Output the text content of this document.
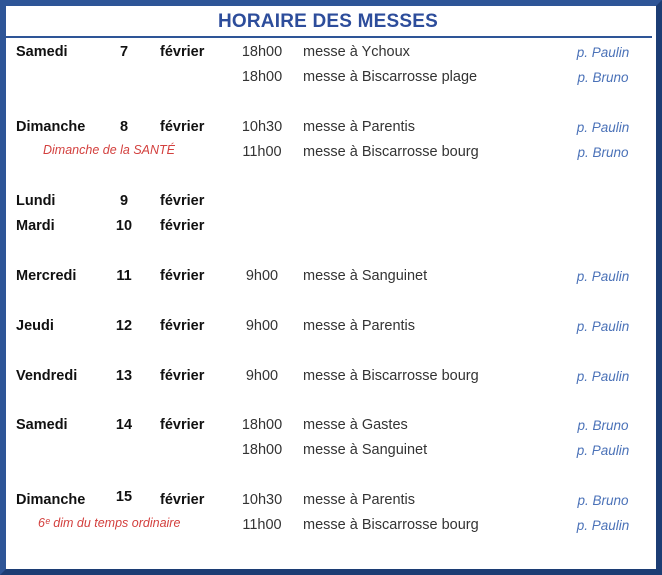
HORAIRE DES MESSES
Samedi	7	février	18h00	messe à Ychoux	p. Paulin
18h00	messe à Biscarrosse plage	p. Bruno
Dimanche	8	février	10h30	messe à Parentis	p. Paulin
Dimanche de la SANTÉ	11h00	messe à Biscarrosse bourg	p. Bruno
Lundi	9	février
Mardi	10 février
Mercredi	11 février	9h00	messe à Sanguinet	p. Paulin
Jeudi	12 février	9h00	messe à Parentis	p. Paulin
Vendredi	13 février	9h00	messe à Biscarrosse bourg	p. Paulin
Samedi	14 février	18h00	messe à Gastes	p. Bruno
18h00	messe à Sanguinet	p. Paulin
Dimanche 15 février	10h30	messe à Parentis	p. Bruno
6ᵉ dim du temps ordinaire	11h00	messe à Biscarrosse bourg	p. Paulin
